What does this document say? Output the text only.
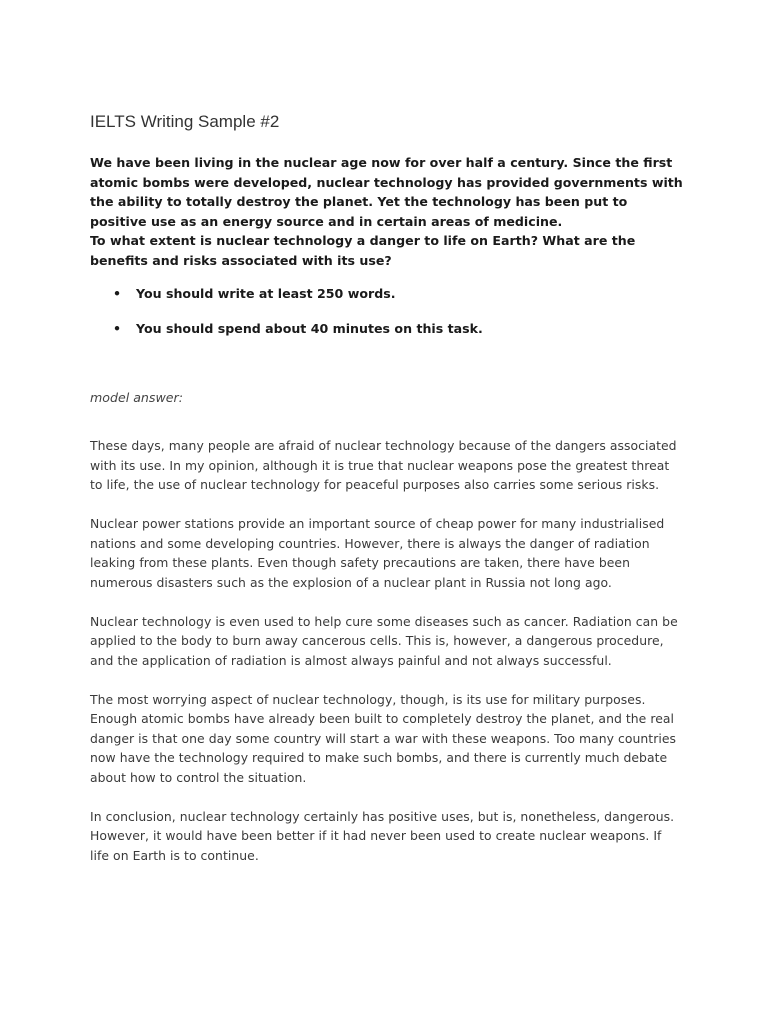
IELTS Writing Sample #2

We have been living in the nuclear age now for over half a century. Since the first
atomic bombs were developed, nuclear technology has provided governments with
the ability to totally destroy the planet. Yet the technology has been put to
positive use as an energy source and in certain areas of medicine.
To what extent is nuclear technology a danger to life on Earth? What are the
benefits and risks associated with its use?

• You should write at least 250 words.
• You should spend about 40 minutes on this task.

model answer:

These days, many people are afraid of nuclear technology because of the dangers associated with its use. In my opinion, although it is true that nuclear weapons pose the greatest threat to life, the use of nuclear technology for peaceful purposes also carries some serious risks.

Nuclear power stations provide an important source of cheap power for many industrialised nations and some developing countries. However, there is always the danger of radiation leaking from these plants. Even though safety precautions are taken, there have been numerous disasters such as the explosion of a nuclear plant in Russia not long ago.

Nuclear technology is even used to help cure some diseases such as cancer. Radiation can be applied to the body to burn away cancerous cells. This is, however, a dangerous procedure, and the application of radiation is almost always painful and not always successful.

The most worrying aspect of nuclear technology, though, is its use for military purposes. Enough atomic bombs have already been built to completely destroy the planet, and the real danger is that one day some country will start a war with these weapons. Too many countries now have the technology required to make such bombs, and there is currently much debate about how to control the situation.

In conclusion, nuclear technology certainly has positive uses, but is, nonetheless, dangerous. However, it would have been better if it had never been used to create nuclear weapons. If life on Earth is to continue.
